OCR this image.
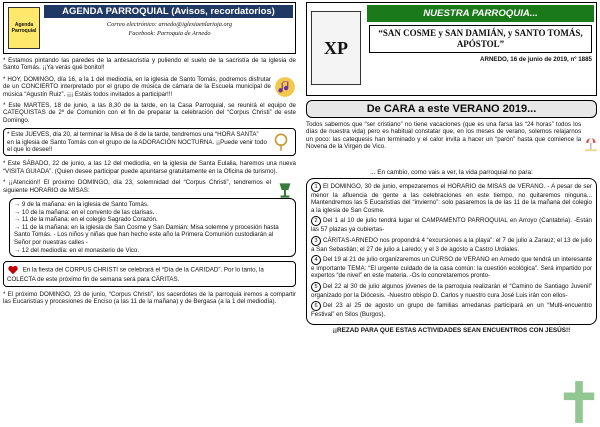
Agenda Parroquial
AGENDA PARROQUIAL (Avisos, recordatorios)
Correo electrónico: arnedo@iglesiaenlarioja.org
Facebook: Parroquia de Arnedo
* Estamos pintando las paredes de la antesacristía y puliendo el suelo de la sacristía de la iglesia de Santo Tomás. ¡¡Ya verás qué bonito!!
* HOY, DOMINGO, día 16, a la 1 del mediodía, en la iglesia de Santo Tomás, podremos disfrutar de un CONCIERTO interpretado por el grupo de música de cámara de la Escuela municipal de música “Agustín Ruiz”. ¡¡¡ Estáis todos invitados a participar!!!
* Este MARTES, 18 de junio, a las 8,30 de la tarde, en la Casa Parroquial, se reunirá el equipo de CATEQUISTAS de 2º de Comunión con el fin de preparar la celebración del “Corpus Christi” de este Domingo.
* Este JUEVES, día 20, al terminar la Misa de 8 de la tarde, tendremos una “HORA SANTA” en la iglesia de Santo Tomás con el grupo de la ADORACIÓN NOCTURNA. ¡¡Puede venir todo el que lo desee!!
* Este SÁBADO, 22 de junio, a las 12 del mediodía, en la iglesia de Santa Eulalia, haremos una nueva “VISITA GUIADA”. (Quien desee participar puede apuntarse gratuitamente en la Oficina de turismo).
* ¡¡Atención!! El próximo DOMINGO, día 23, solemnidad del “Corpus Christi”, tendremos el siguiente HORARIO de MISAS:
→ 9 de la mañana: en la iglesia de Santo Tomás.
→ 10 de la mañana: en el convento de las clarisas.
→ 11 de la mañana: en el colegio Sagrado Corazón.
→ 11 de la mañana: en la iglesia de San Cosme y San Damián: Misa solemne y procesión hasta Santo Tomás. - Los niños y niñas que han hecho este año la Primera Comunión custodiarán al Señor por nuestras calles -
→ 12 del mediodía: en el monasterio de Vico.
En la fiesta del CORPUS CHRISTI se celebrará el “Día de la CARIDAD”. Por lo tanto, la COLECTA de este próximo fin de semana será para CÁRITAS.
* El próximo DOMINGO, 23 de junio, “Corpus Christi”, los sacerdotes de la parroquia iremos a compartir las Eucaristías y procesiones de Enciso (a las 11 de la mañana) y de Bergasa (a la 1 del mediodía).
XP
NUESTRA PARROQUIA...
“SAN COSME y SAN DAMIÁN, y SANTO TOMÁS, APÓSTOL”
ARNEDO, 16 de junio de 2019, nº 1885
De CARA a este VERANO 2019...
Todos sabemos que “ser cristiano” no tiene vacaciones (que es una farsa las “24 horas” todos los días de nuestra vida) pero es habitual constatar que, en los meses de verano, solemos relajarnos un poco: las catequesis han terminado y el calor invita a hacer un “parón” hasta que comience la Novena de la Virgen de Vico.
... En cambio, como vais a ver, la vida parroquial no para:
1 El DOMINGO, 30 de junio, empezaremos el HORARIO de MISAS de VERANO. - A pesar de ser menor la afluencia de gente a las celebraciones en este tiempo, no quitaremos ninguna... Mantendremos las 5 Eucaristías del “invierno”: solo pasaremos la de las 11 de la mañana del colegio a la iglesia de San Cosme.
2 Del 1 al 10 de julio tendrá lugar el CAMPAMENTO PARROQUIAL en Arroyo (Cantabria). -Están las 57 plazas ya cubiertas-
3 CÁRITAS-ARNEDO nos propondrá 4 “excursiones a la playa”: el 7 de julio a Zarauz; el 13 de julio a San Sebastián; el 27 de julio a Laredo; y el 3 de agosto a Castro Urdiales.
4 Del 19 al 21 de julio organizaremos un CURSO de VERANO en Arnedo que tendrá un interesante e importante TEMA: “El urgente cuidado de la casa común: la cuestión ecológica”. Será impartido por expertos “de nivel” en este materia. -Os lo concretaremos pronto-
5 Del 22 al 30 de julio algunos jóvenes de la parroquia realizarán el “Camino de Santiago Juvenil” organizado por la Diócesis. -Nuestro obispo D. Carlos y nuestro cura José Luis irán con ellos-
6 Del 23 al 25 de agosto un grupo de familias arnedanas participará en un “Multi-encuentro Festival” en Silos (Burgos).
¡¡REZAD PARA QUE ESTAS ACTIVIDADES SEAN ENCUENTROS CON JESÚS!!
